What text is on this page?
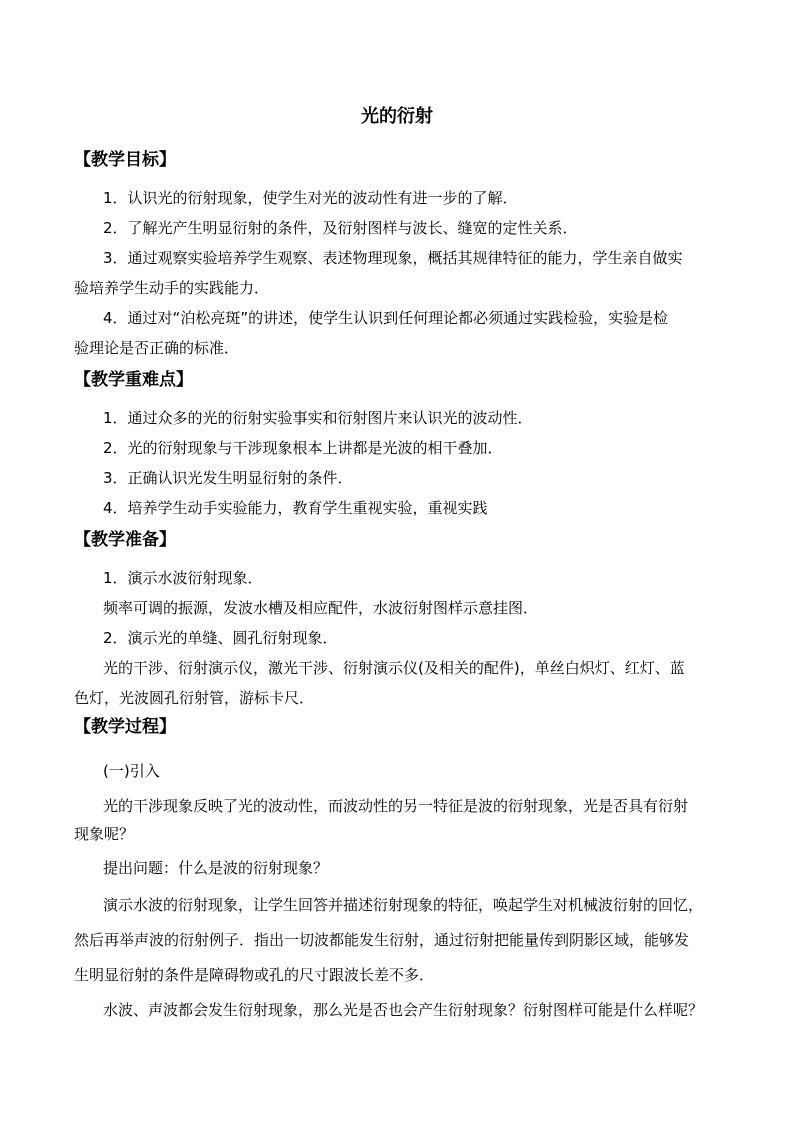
光的衍射
【教学目标】
1．认识光的衍射现象，使学生对光的波动性有进一步的了解．
2．了解光产生明显衍射的条件，及衍射图样与波长、缝宽的定性关系．
3．通过观察实验培养学生观察、表述物理现象，概括其规律特征的能力，学生亲自做实
验培养学生动手的实践能力．
4．通过对“泊松亮斑”的讲述，使学生认识到任何理论都必须通过实践检验，实验是检
验理论是否正确的标准．
【教学重难点】
1．通过众多的光的衍射实验事实和衍射图片来认识光的波动性．
2．光的衍射现象与干涉现象根本上讲都是光波的相干叠加．
3．正确认识光发生明显衍射的条件．
4．培养学生动手实验能力，教育学生重视实验，重视实践
【教学准备】
1．演示水波衍射现象．
频率可调的振源，发波水槽及相应配件，水波衍射图样示意挂图．
2．演示光的单缝、圆孔衍射现象．
光的干涉、衍射演示仪，激光干涉、衍射演示仪(及相关的配件)，单丝白炽灯、红灯、蓝
色灯，光波圆孔衍射管，游标卡尺．
【教学过程】
(一)引入
光的干涉现象反映了光的波动性，而波动性的另一特征是波的衍射现象，光是否具有衍射
现象呢？
提出问题：什么是波的衍射现象？
演示水波的衍射现象，让学生回答并描述衍射现象的特征，唤起学生对机械波衍射的回忆，
然后再举声波的衍射例子．指出一切波都能发生衍射，通过衍射把能量传到阴影区域，能够发
生明显衍射的条件是障碍物或孔的尺寸跟波长差不多．
水波、声波都会发生衍射现象，那么光是否也会产生衍射现象？衍射图样可能是什么样呢？
